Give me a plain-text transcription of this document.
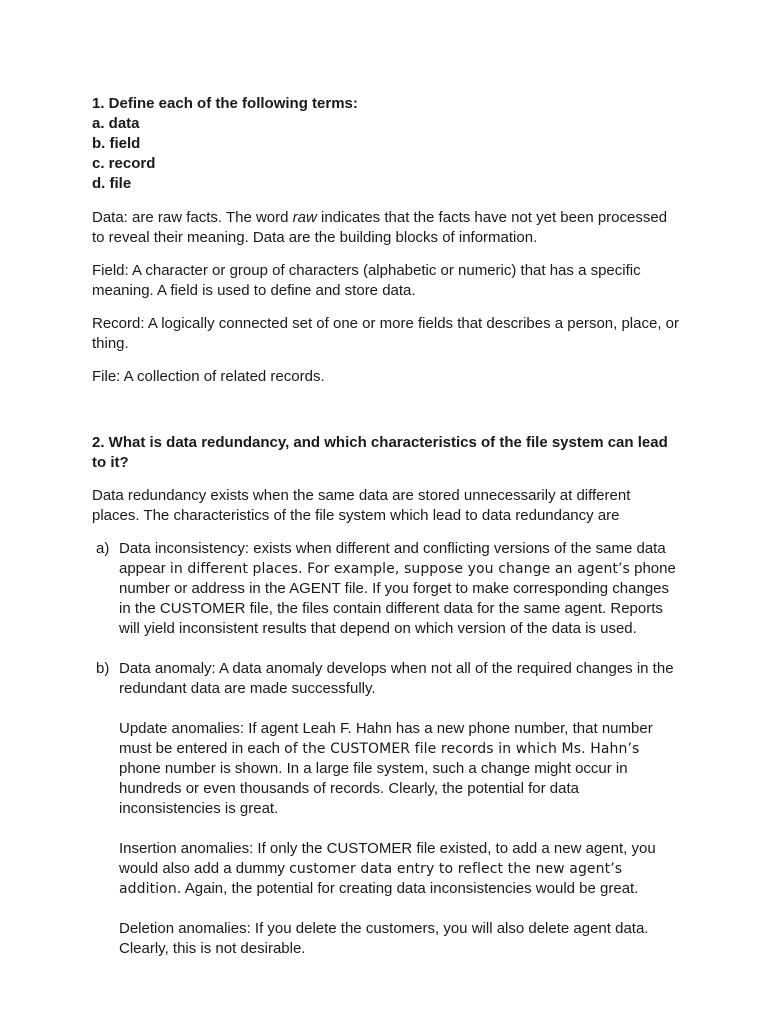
1. Define each of the following terms:
a. data
b. field
c. record
d. file

Data: are raw facts. The word raw indicates that the facts have not yet been processed to reveal their meaning. Data are the building blocks of information.

Field: A character or group of characters (alphabetic or numeric) that has a specific meaning. A field is used to define and store data.

Record: A logically connected set of one or more fields that describes a person, place, or thing.

File: A collection of related records.

2. What is data redundancy, and which characteristics of the file system can lead to it?

Data redundancy exists when the same data are stored unnecessarily at different places. The characteristics of the file system which lead to data redundancy are

a) Data inconsistency: exists when different and conflicting versions of the same data appear in different places. For example, suppose you change an agent’s phone number or address in the AGENT file. If you forget to make corresponding changes in the CUSTOMER file, the files contain different data for the same agent. Reports will yield inconsistent results that depend on which version of the data is used.
b) Data anomaly: A data anomaly develops when not all of the required changes in the redundant data are made successfully.
Update anomalies: If agent Leah F. Hahn has a new phone number, that number must be entered in each of the CUSTOMER file records in which Ms. Hahn’s phone number is shown. In a large file system, such a change might occur in hundreds or even thousands of records. Clearly, the potential for data inconsistencies is great.
Insertion anomalies: If only the CUSTOMER file existed, to add a new agent, you would also add a dummy customer data entry to reflect the new agent’s addition. Again, the potential for creating data inconsistencies would be great.
Deletion anomalies: If you delete the customers, you will also delete agent data. Clearly, this is not desirable.
